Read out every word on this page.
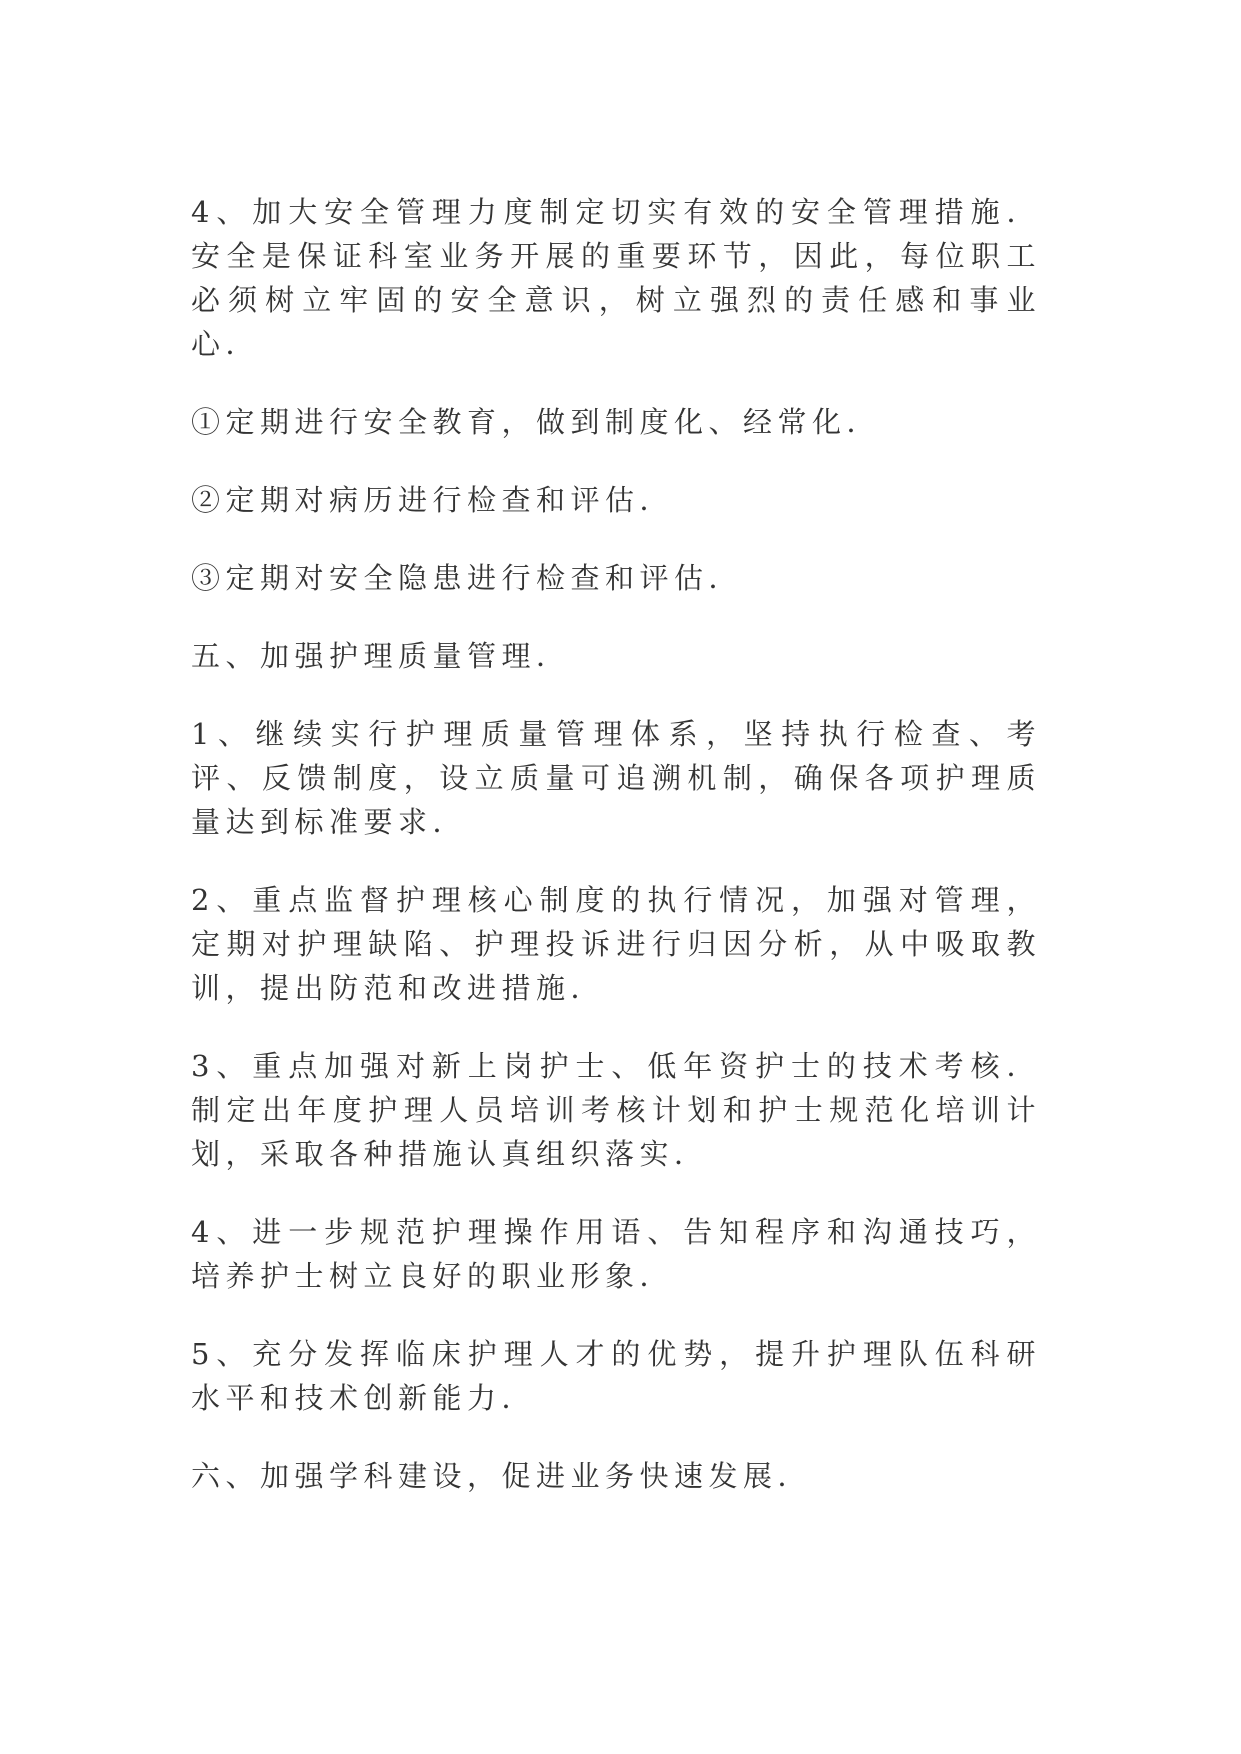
4、加大安全管理力度制定切实有效的安全管理措施．安全是保证科室业务开展的重要环节，因此，每位职工必须树立牢固的安全意识，树立强烈的责任感和事业心．

①定期进行安全教育，做到制度化、经常化．

②定期对病历进行检查和评估．

③定期对安全隐患进行检查和评估．

五、加强护理质量管理．

1、继续实行护理质量管理体系，坚持执行检查、考评、反馈制度，设立质量可追溯机制，确保各项护理质量达到标准要求．

2、重点监督护理核心制度的执行情况，加强对管理，定期对护理缺陷、护理投诉进行归因分析，从中吸取教训，提出防范和改进措施．

3、重点加强对新上岗护士、低年资护士的技术考核．制定出年度护理人员培训考核计划和护士规范化培训计划，采取各种措施认真组织落实．

4、进一步规范护理操作用语、告知程序和沟通技巧，培养护士树立良好的职业形象．

5、充分发挥临床护理人才的优势，提升护理队伍科研水平和技术创新能力．

六、加强学科建设，促进业务快速发展．
